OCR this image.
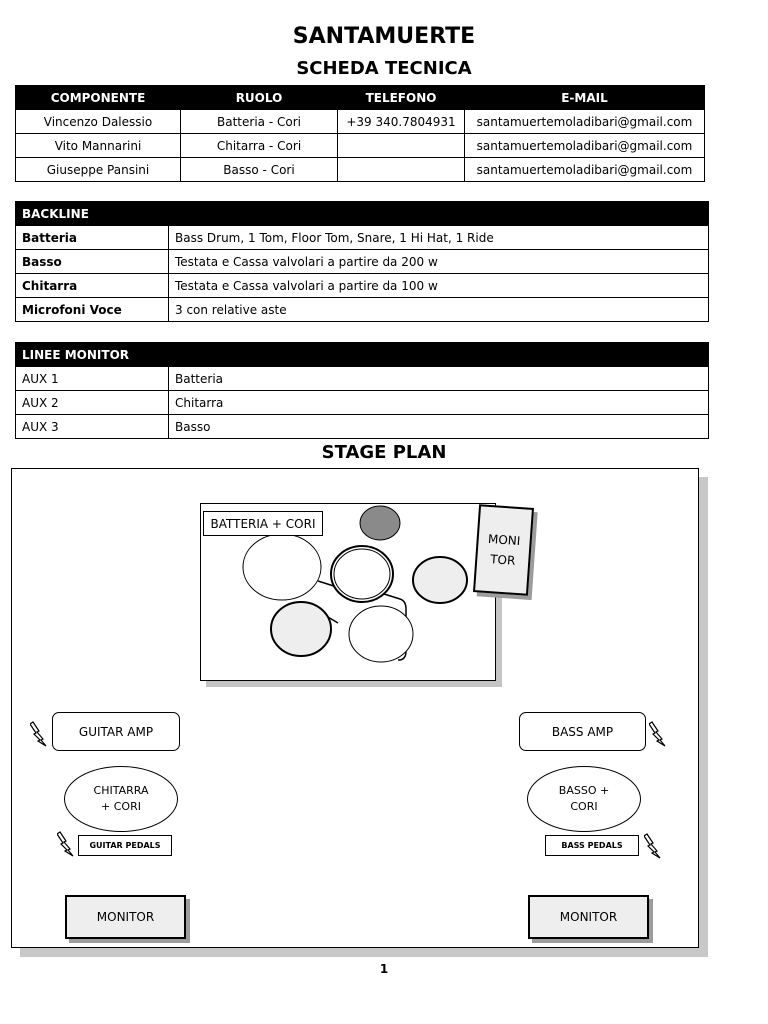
SANTAMUERTE
SCHEDA TECNICA
COMPONENTE	RUOLO	TELEFONO	E-MAIL
Vincenzo Dalessio	Batteria - Cori	+39 340.7804931	santamuertemoladibari@gmail.com
Vito Mannarini	Chitarra - Cori		santamuertemoladibari@gmail.com
Giuseppe Pansini	Basso - Cori		santamuertemoladibari@gmail.com
BACKLINE	
Batteria	Bass Drum, 1 Tom, Floor Tom, Snare, 1 Hi Hat, 1 Ride
Basso	Testata e Cassa valvolari a partire da 200 w
Chitarra	Testata e Cassa valvolari a partire da 100 w
Microfoni Voce	3 con relative aste
LINEE MONITOR	
AUX 1	Batteria
AUX 2	Chitarra
AUX 3	Basso
STAGE PLAN
BATTERIA + CORI
MONI
TOR
GUITAR AMP	BASS AMP
CHITARRA
+ CORI
BASSO +
CORI
GUITAR PEDALS	BASS PEDALS
MONITOR	MONITOR
1
